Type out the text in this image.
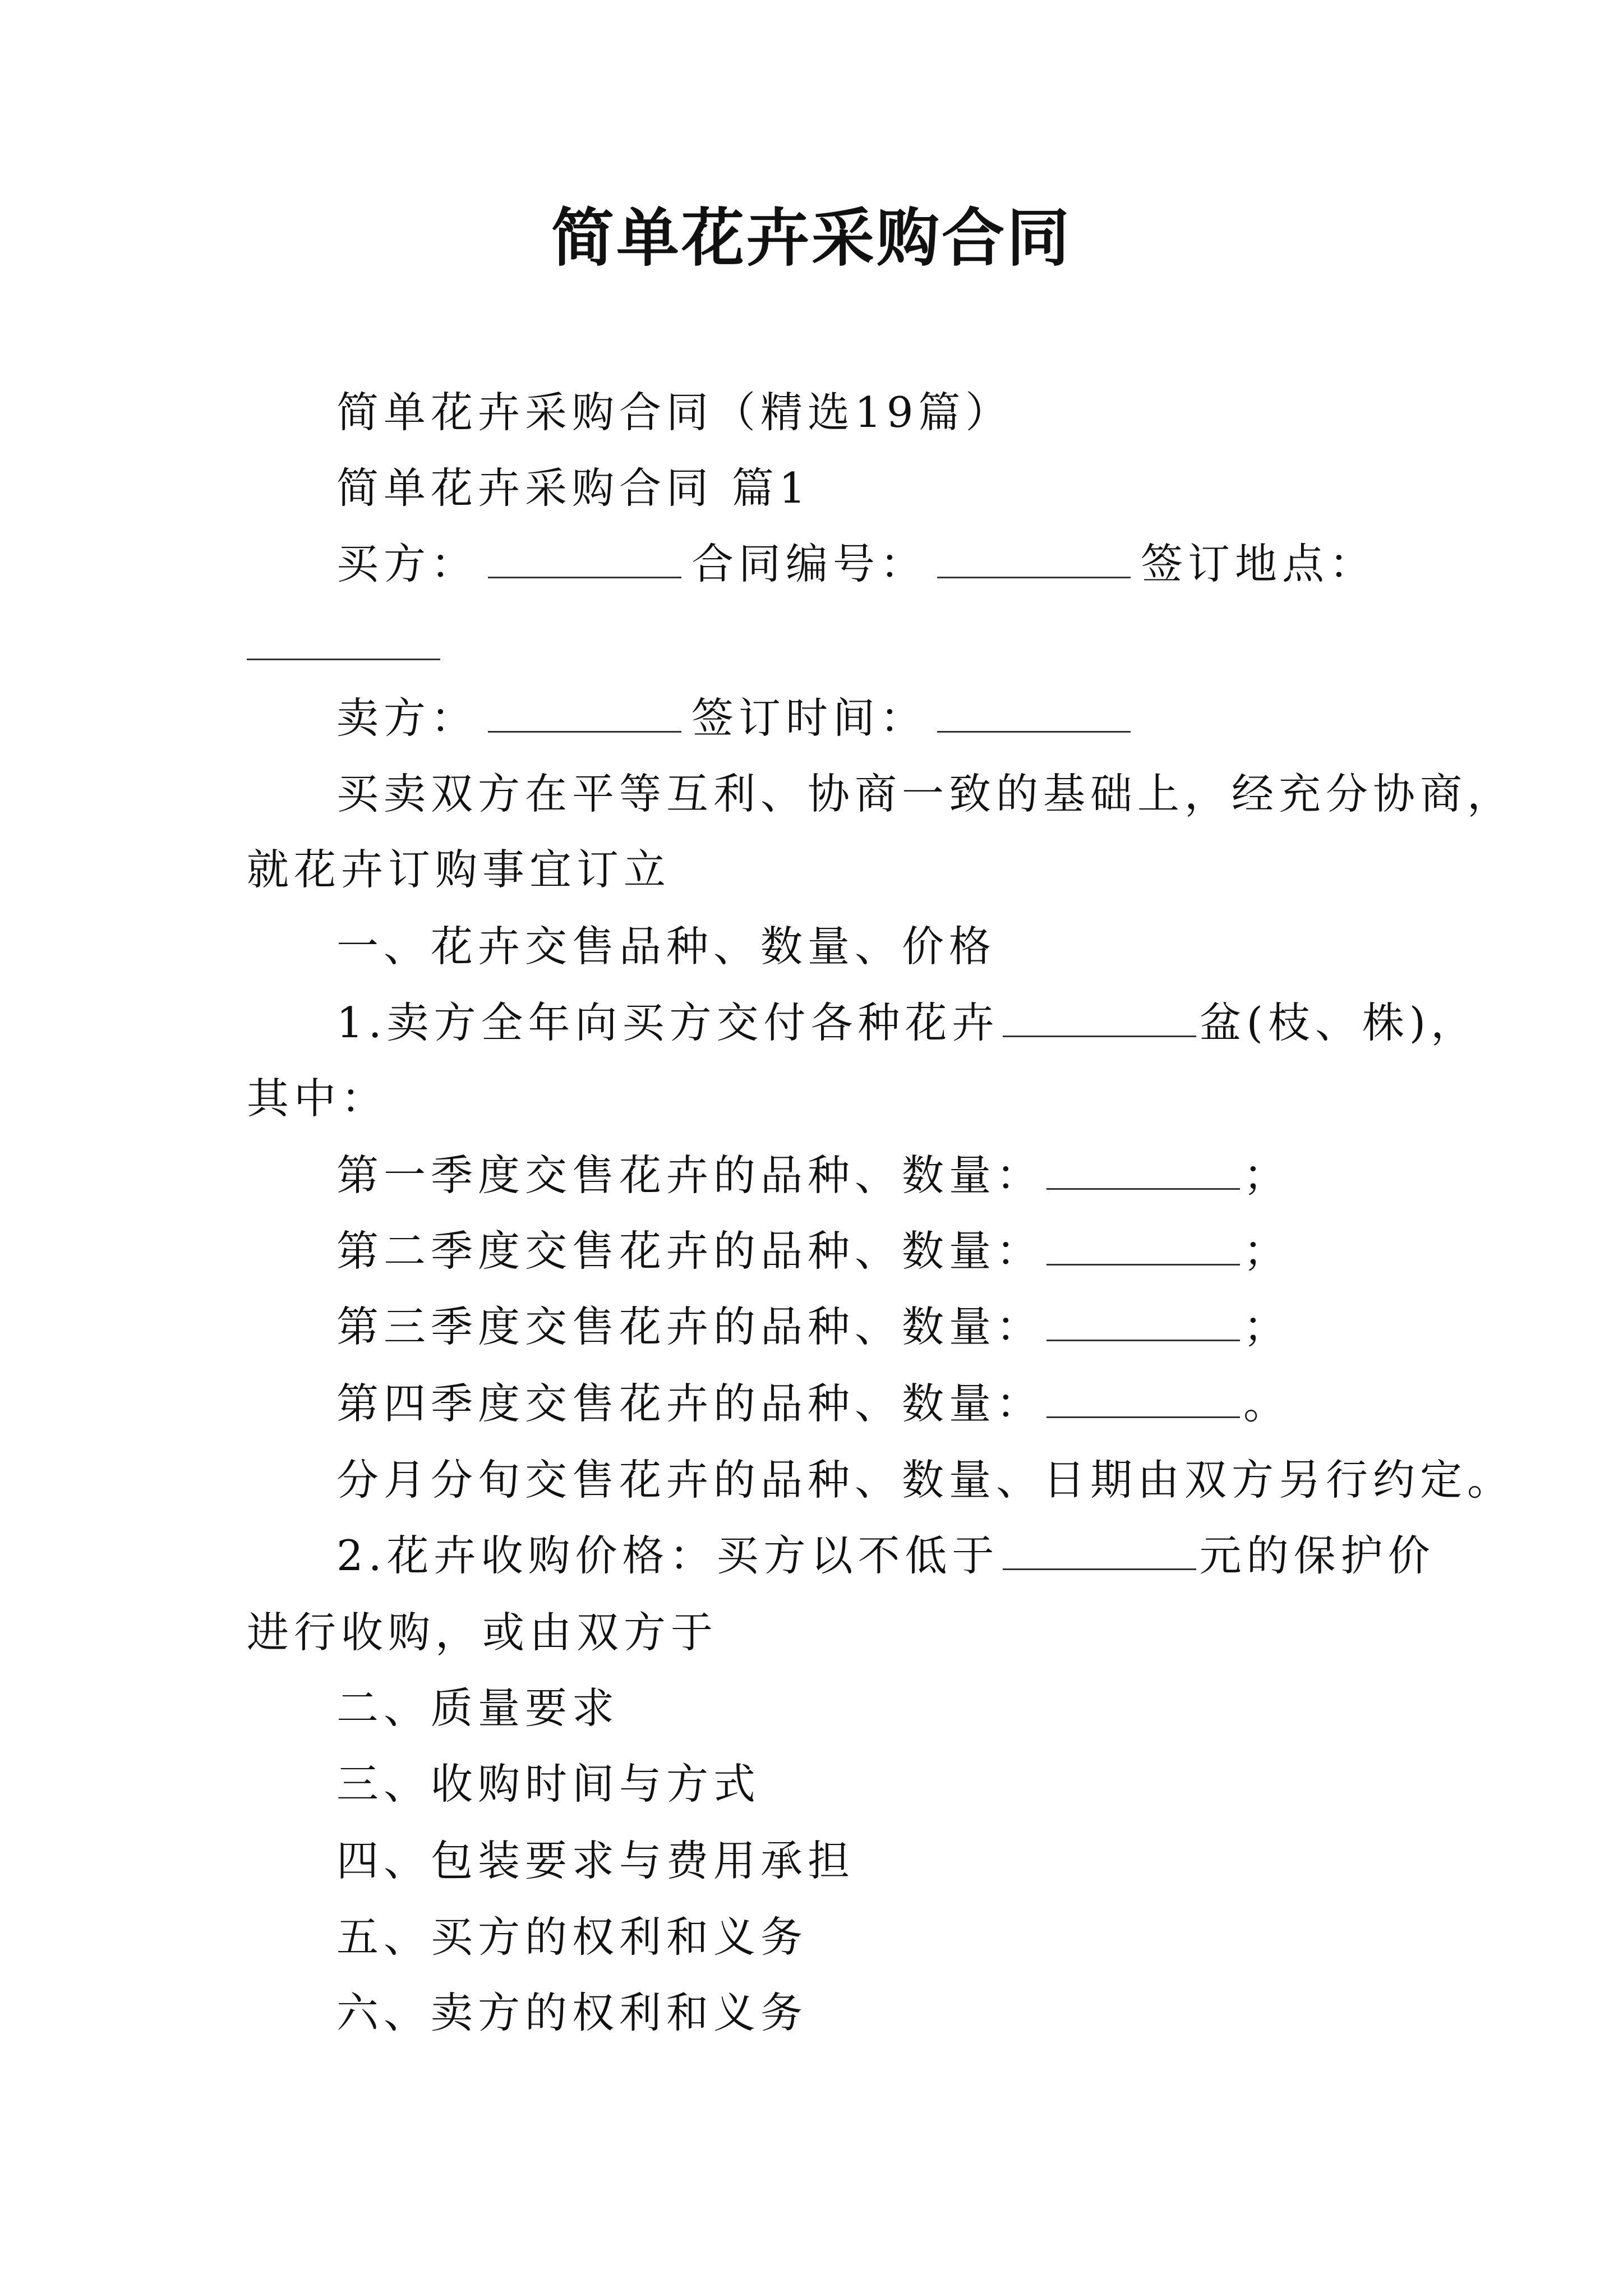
简单花卉采购合同
简单花卉采购合同（精选19篇）
简单花卉采购合同 篇1
买方：	合同编号：	签订地点：
卖方：	签订时间：
买卖双方在平等互利、协商一致的基础上，经充分协商，
就花卉订购事宜订立
一、花卉交售品种、数量、价格
1.卖方全年向买方交付各种花卉	盆(枝、株)，
其中：
第一季度交售花卉的品种、数量：	；
第二季度交售花卉的品种、数量：	；
第三季度交售花卉的品种、数量：	；
第四季度交售花卉的品种、数量：	。
分月分旬交售花卉的品种、数量、日期由双方另行约定。
2.花卉收购价格：买方以不低于	元的保护价
进行收购，或由双方于
二、质量要求
三、收购时间与方式
四、包装要求与费用承担
五、买方的权利和义务
六、卖方的权利和义务
